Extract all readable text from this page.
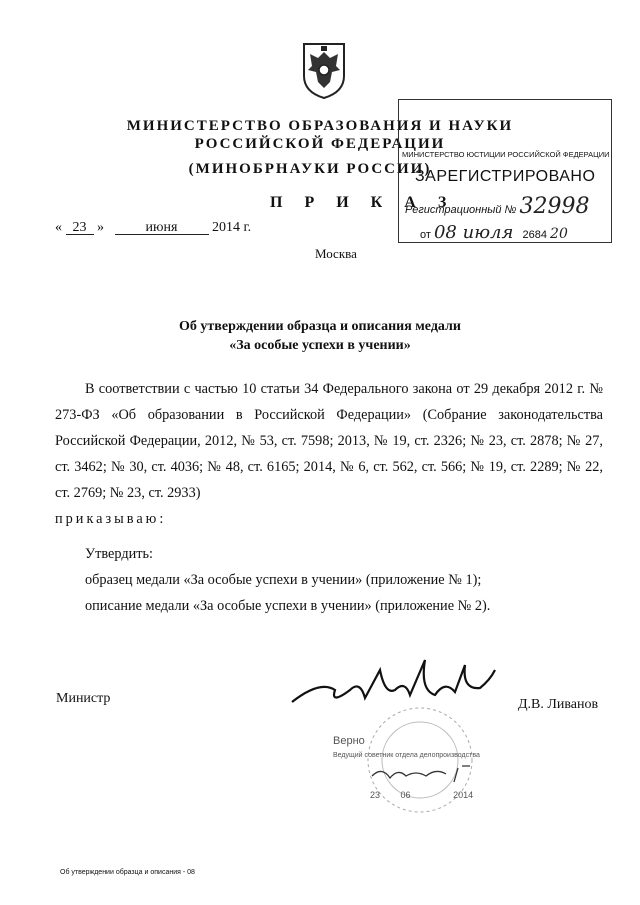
МИНИСТЕРСТВО ОБРАЗОВАНИЯ И НАУКИ
РОССИЙСКОЙ ФЕДЕРАЦИИ
(МИНОБРНАУКИ РОССИИ)
П Р И К А З
« 23 »	июня 2014 г.
Москва
МИНИСТЕРСТВО ЮСТИЦИИ РОССИЙСКОЙ ФЕДЕРАЦИИ
ЗАРЕГИСТРИРОВАНО
Регистрационный № 32998
от 08 июля 2684 20
Об утверждении образца и описания медали
«За особые успехи в учении»
В соответствии с частью 10 статьи 34 Федерального закона от 29 декабря 2012 г. № 273-ФЗ «Об образовании в Российской Федерации» (Собрание законодательства Российской Федерации, 2012, № 53, ст. 7598; 2013, № 19, ст. 2326; № 23, ст. 2878; № 27, ст. 3462; № 30, ст. 4036; № 48, ст. 6165; 2014, № 6, ст. 562, ст. 566; № 19, ст. 2289; № 22, ст. 2769; № 23, ст. 2933)
приказываю:
Утвердить:
образец медали «За особые успехи в учении» (приложение № 1);
описание медали «За особые успехи в учении» (приложение № 2).
Министр	Д.В. Ливанов
Верно
Ведущий советник отдела делопроизводства
23 06	2014
Об утверждении образца и описания - 08
